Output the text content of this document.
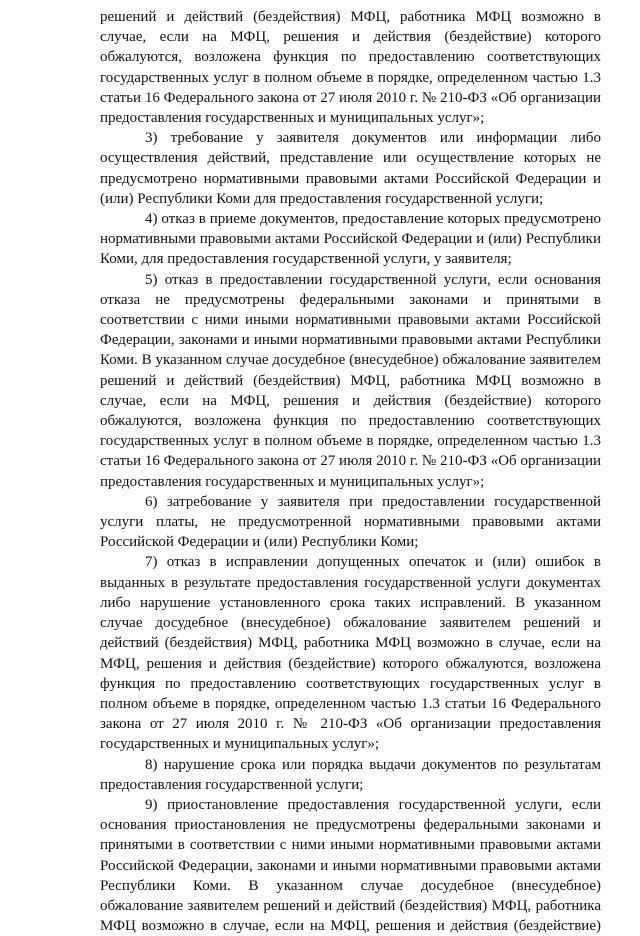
решений и действий (бездействия) МФЦ, работника МФЦ возможно в случае, если на МФЦ, решения и действия (бездействие) которого обжалуются, возложена функция по предоставлению соответствующих государственных услуг в полном объеме в порядке, определенном частью 1.3 статьи 16 Федерального закона от 27 июля 2010 г. № 210-ФЗ «Об организации предоставления государственных и муниципальных услуг»;

3) требование у заявителя документов или информации либо осуществления действий, представление или осуществление которых не предусмотрено нормативными правовыми актами Российской Федерации и (или) Республики Коми для предоставления государственной услуги;

4) отказ в приеме документов, предоставление которых предусмотрено нормативными правовыми актами Российской Федерации и (или) Республики Коми, для предоставления государственной услуги, у заявителя;

5) отказ в предоставлении государственной услуги, если основания отказа не предусмотрены федеральными законами и принятыми в соответствии с ними иными нормативными правовыми актами Российской Федерации, законами и иными нормативными правовыми актами Республики Коми. В указанном случае досудебное (внесудебное) обжалование заявителем решений и действий (бездействия) МФЦ, работника МФЦ возможно в случае, если на МФЦ, решения и действия (бездействие) которого обжалуются, возложена функция по предоставлению соответствующих государственных услуг в полном объеме в порядке, определенном частью 1.3 статьи 16 Федерального закона от 27 июля 2010 г. № 210-ФЗ «Об организации предоставления государственных и муниципальных услуг»;

6) затребование у заявителя при предоставлении государственной услуги платы, не предусмотренной нормативными правовыми актами Российской Федерации и (или) Республики Коми;

7) отказ в исправлении допущенных опечаток и (или) ошибок в выданных в результате предоставления государственной услуги документах либо нарушение установленного срока таких исправлений. В указанном случае досудебное (внесудебное) обжалование заявителем решений и действий (бездействия) МФЦ, работника МФЦ возможно в случае, если на МФЦ, решения и действия (бездействие) которого обжалуются, возложена функция по предоставлению соответствующих государственных услуг в полном объеме в порядке, определенном частью 1.3 статьи 16 Федерального закона от 27 июля 2010 г. № 210-ФЗ «Об организации предоставления государственных и муниципальных услуг»;

8) нарушение срока или порядка выдачи документов по результатам предоставления государственной услуги;

9) приостановление предоставления государственной услуги, если основания приостановления не предусмотрены федеральными законами и принятыми в соответствии с ними иными нормативными правовыми актами Российской Федерации, законами и иными нормативными правовыми актами Республики Коми. В указанном случае досудебное (внесудебное) обжалование заявителем решений и действий (бездействия) МФЦ, работника МФЦ возможно в случае, если на МФЦ, решения и действия (бездействие)
